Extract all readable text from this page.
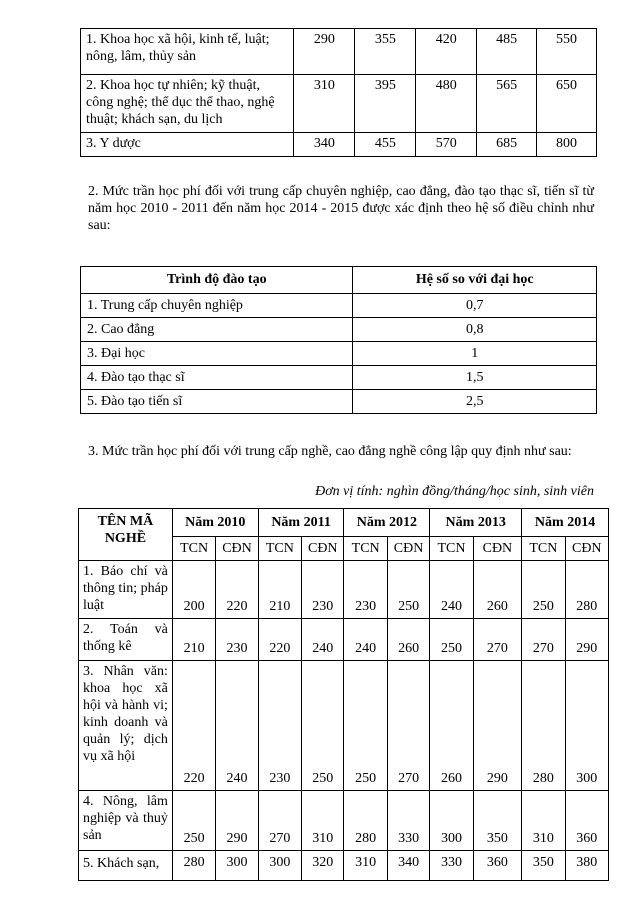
1. Khoa học xã hội, kinh tế, luật; nông, lâm, thủy sản	290	355	420	485	550
2. Khoa học tự nhiên; kỹ thuật, công nghệ; thể dục thể thao, nghệ thuật; khách sạn, du lịch	310	395	480	565	650
3. Y dược	340	455	570	685	800
2. Mức trần học phí đối với trung cấp chuyên nghiệp, cao đẳng, đào tạo thạc sĩ, tiến sĩ từ năm học 2010 - 2011 đến năm học 2014 - 2015 được xác định theo hệ số điều chỉnh như sau:
Trình độ đào tạo	Hệ số so với đại học
1. Trung cấp chuyên nghiệp	0,7
2. Cao đẳng	0,8
3. Đại học	1
4. Đào tạo thạc sĩ	1,5
5. Đào tạo tiến sĩ	2,5
3. Mức trần học phí đối với trung cấp nghề, cao đẳng nghề công lập quy định như sau:
Đơn vị tính: nghìn đồng/tháng/học sinh, sinh viên
TÊN MÃ NGHỀ	Năm 2010		Năm 2011		Năm 2012		Năm 2013		Năm 2014	
	TCN	CĐN	TCN	CĐN	TCN	CĐN	TCN	CĐN	TCN	CĐN
1. Báo chí và thông tin; pháp luật	200	220	210	230	230	250	240	260	250	280
2. Toán và thống kê	210	230	220	240	240	260	250	270	270	290
3. Nhân văn: khoa học xã hội và hành vi; kinh doanh và quản lý; dịch vụ xã hội	220	240	230	250	250	270	260	290	280	300
4. Nông, lâm nghiệp và thuỷ sản	250	290	270	310	280	330	300	350	310	360
5. Khách sạn,	280	300	300	320	310	340	330	360	350	380
